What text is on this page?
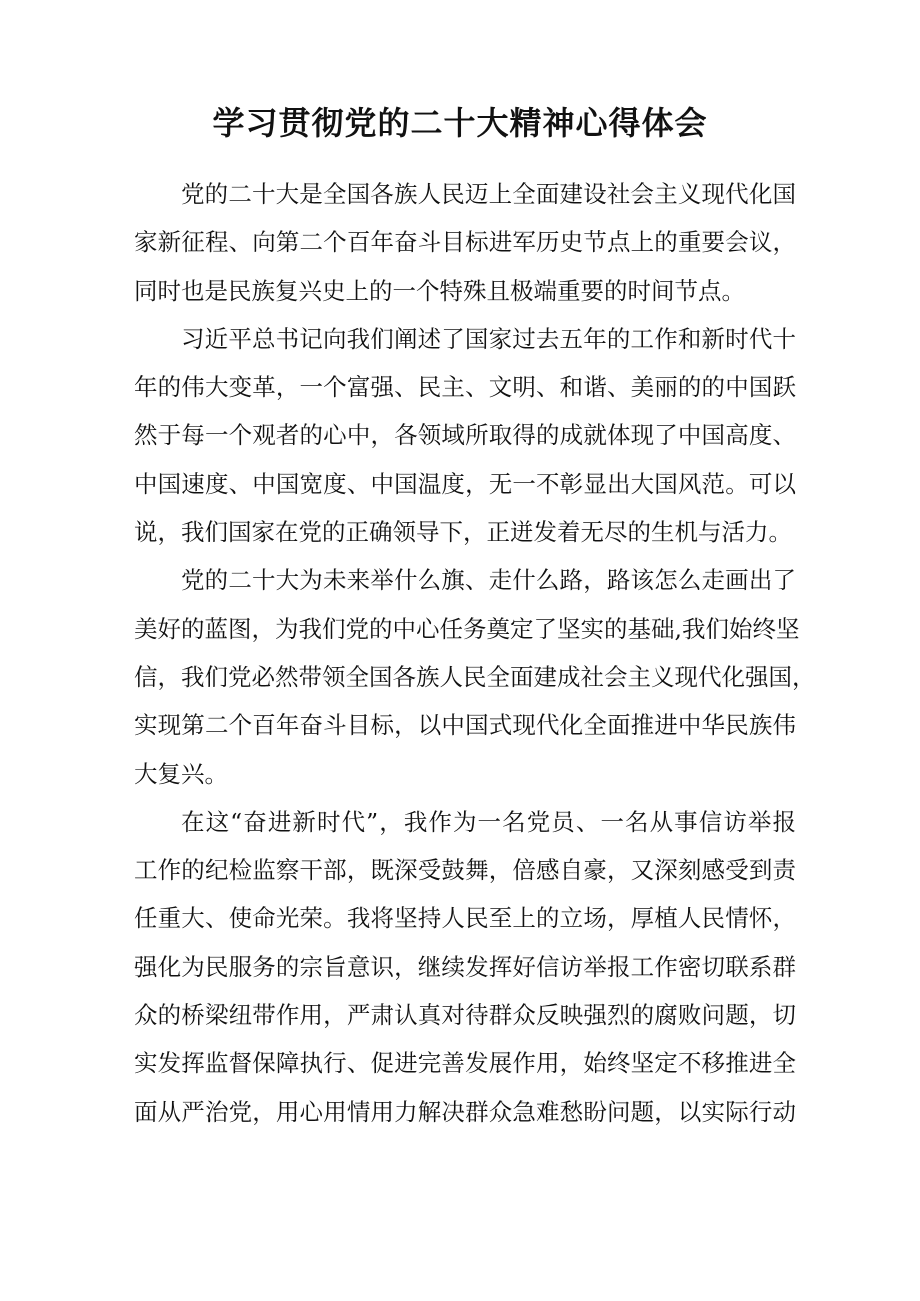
学习贯彻党的二十大精神心得体会
党的二十大是全国各族人民迈上全面建设社会主义现代化国
家新征程、向第二个百年奋斗目标进军历史节点上的重要会议，
同时也是民族复兴史上的一个特殊且极端重要的时间节点。
习近平总书记向我们阐述了国家过去五年的工作和新时代十
年的伟大变革，一个富强、民主、文明、和谐、美丽的的中国跃
然于每一个观者的心中，各领域所取得的成就体现了中国高度、
中国速度、中国宽度、中国温度，无一不彰显出大国风范。可以
说，我们国家在党的正确领导下，正迸发着无尽的生机与活力。
党的二十大为未来举什么旗、走什么路，路该怎么走画出了
美好的蓝图，为我们党的中心任务奠定了坚实的基础,我们始终坚
信，我们党必然带领全国各族人民全面建成社会主义现代化强国，
实现第二个百年奋斗目标，以中国式现代化全面推进中华民族伟
大复兴。
在这“奋进新时代”，我作为一名党员、一名从事信访举报
工作的纪检监察干部，既深受鼓舞，倍感自豪，又深刻感受到责
任重大、使命光荣。我将坚持人民至上的立场，厚植人民情怀，
强化为民服务的宗旨意识，继续发挥好信访举报工作密切联系群
众的桥梁纽带作用，严肃认真对待群众反映强烈的腐败问题，切
实发挥监督保障执行、促进完善发展作用，始终坚定不移推进全
面从严治党，用心用情用力解决群众急难愁盼问题，以实际行动
